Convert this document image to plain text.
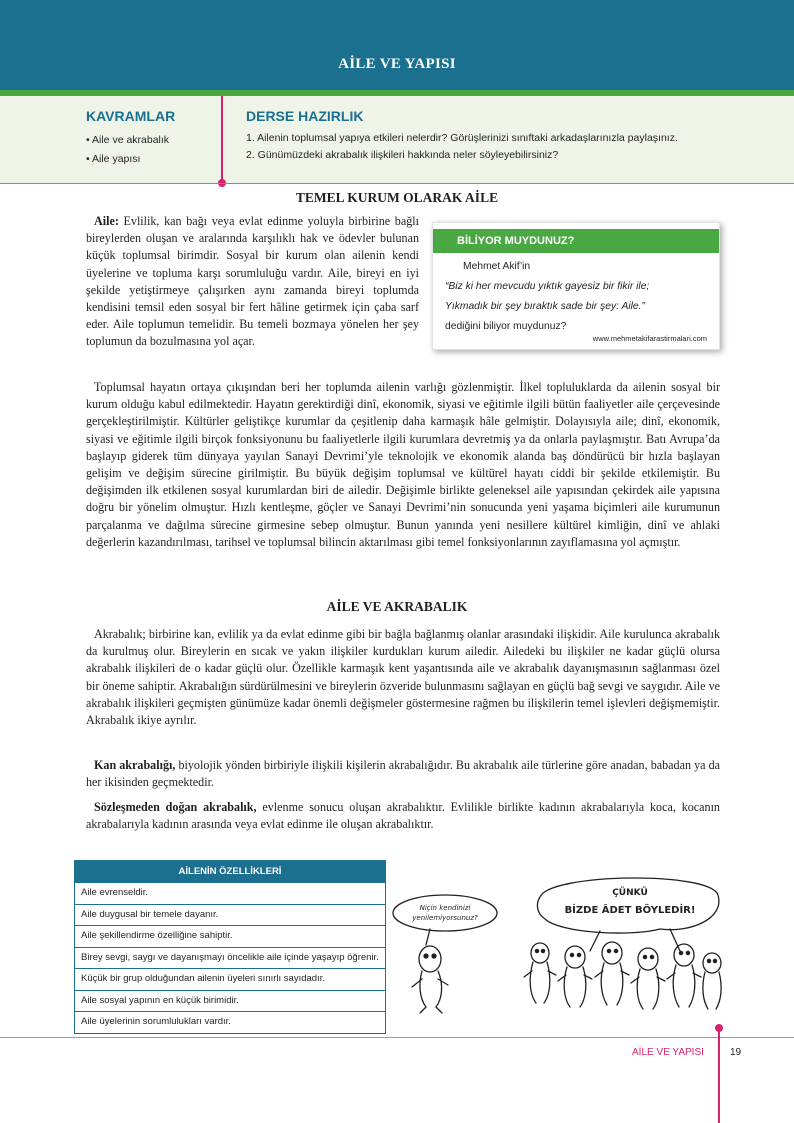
AİLE VE YAPISI
KAVRAMLAR
• Aile ve akrabalık
• Aile yapısı
DERSE HAZIRLIK
1. Ailenin toplumsal yapıya etkileri nelerdir? Görüşlerinizi sınıftaki arkadaşlarınızla paylaşınız.
2. Günümüzdeki akrabalık ilişkileri hakkında neler söyleyebilirsiniz?
TEMEL KURUM OLARAK AİLE
Aile: Evlilik, kan bağı veya evlat edinme yoluyla birbirine bağlı bireylerden oluşan ve aralarında karşılıklı hak ve ödevler bulunan küçük toplumsal birimdir. Sosyal bir kurum olan ailenin kendi üyelerine ve topluma karşı sorumluluğu vardır. Aile, bireyi en iyi şekilde yetiştirmeye çalışırken aynı zamanda bireyi toplumda kendisini temsil eden sosyal bir fert hâline getirmek için çaba sarf eder. Aile toplumun temelidir. Bu temeli bozmaya yönelen her şey toplumun da bozulmasına yol açar.
BİLİYOR MUYDUNUZ?
Mehmet Akif’in
“Biz ki her mevcudu yıktık gayesiz bir fikir ile;
Yıkmadık bir şey bıraktık sade bir şey: Aile.”
dediğini biliyor muydunuz?
www.mehmetakifarastirmalari.com
Toplumsal hayatın ortaya çıkışından beri her toplumda ailenin varlığı gözlenmiştir. İlkel topluluklarda da ailenin sosyal bir kurum olduğu kabul edilmektedir. Hayatın gerektirdiği dinî, ekonomik, siyasi ve eğitimle ilgili bütün faaliyetler aile çerçevesinde gerçekleştirilmiştir. Kültürler geliştikçe kurumlar da çeşitlenip daha karmaşık hâle gelmiştir. Dolayısıyla aile; dinî, ekonomik, siyasi ve eğitimle ilgili birçok fonksiyonunu bu faaliyetlerle ilgili kurumlara devretmiş ya da onlarla paylaşmıştır. Batı Avrupa’da başlayıp giderek tüm dünyaya yayılan Sanayi Devrimi’yle teknolojik ve ekonomik alanda baş döndürücü bir hızla başlayan gelişim ve değişim sürecine girilmiştir. Bu büyük değişim toplumsal ve kültürel hayatı ciddi bir şekilde etkilemiştir. Bu değişimden ilk etkilenen sosyal kurumlardan biri de ailedir. Değişimle birlikte geleneksel aile yapısından çekirdek aile yapısına doğru bir yönelim olmuştur. Hızlı kentleşme, göçler ve Sanayi Devrimi’nin sonucunda yeni yaşama biçimleri aile kurumunun parçalanma ve dağılma sürecine girmesine sebep olmuştur. Bunun yanında yeni nesillere kültürel kimliğin, dinî ve ahlaki değerlerin kazandırılması, tarihsel ve toplumsal bilincin aktarılması gibi temel fonksiyonlarının zayıflamasına yol açmıştır.
AİLE VE AKRABALIK
Akrabalık; birbirine kan, evlilik ya da evlat edinme gibi bir bağla bağlanmış olanlar arasındaki ilişkidir. Aile kurulunca akrabalık da kurulmuş olur. Bireylerin en sıcak ve yakın ilişkiler kurdukları kurum ailedir. Ailedeki bu ilişkiler ne kadar güçlü olursa akrabalık ilişkileri de o kadar güçlü olur. Özellikle karmaşık kent yaşantısında aile ve akrabalık dayanışmasının sağlanması özel bir öneme sahiptir. Akrabalığın sürdürülmesini ve bireylerin özveride bulunmasını sağlayan en güçlü bağ sevgi ve saygıdır. Aile ve akrabalık ilişkileri geçmişten günümüze kadar önemli değişmeler göstermesine rağmen bu ilişkilerin temel işlevleri değişmemiştir. Akrabalık ikiye ayrılır.
Kan akrabalığı, biyolojik yönden birbiriyle ilişkili kişilerin akrabalığıdır. Bu akrabalık aile türlerine göre anadan, babadan ya da her ikisinden geçmektedir.
Sözleşmeden doğan akrabalık, evlenme sonucu oluşan akrabalıktır. Evlilikle birlikte kadının akrabalarıyla koca, kocanın akrabalarıyla kadının arasında veya evlat edinme ile oluşan akrabalıktır.
AİLENİN ÖZELLİKLERİ
Aile evrenseldir.
Aile duygusal bir temele dayanır.
Aile şekillendirme özelliğine sahiptir.
Birey sevgi, saygı ve dayanışmayı öncelikle aile içinde yaşayıp öğrenir.
Küçük bir grup olduğundan ailenin üyeleri sınırlı sayıdadır.
Aile sosyal yapının en küçük birimidir.
Aile üyelerinin sorumlulukları vardır.
Niçin kendinizi
yenilemiyorsunuz?
ÇÜNKÜ
BİZDE ÂDET BÖYLEDİR!
AİLE VE YAPISI	19
